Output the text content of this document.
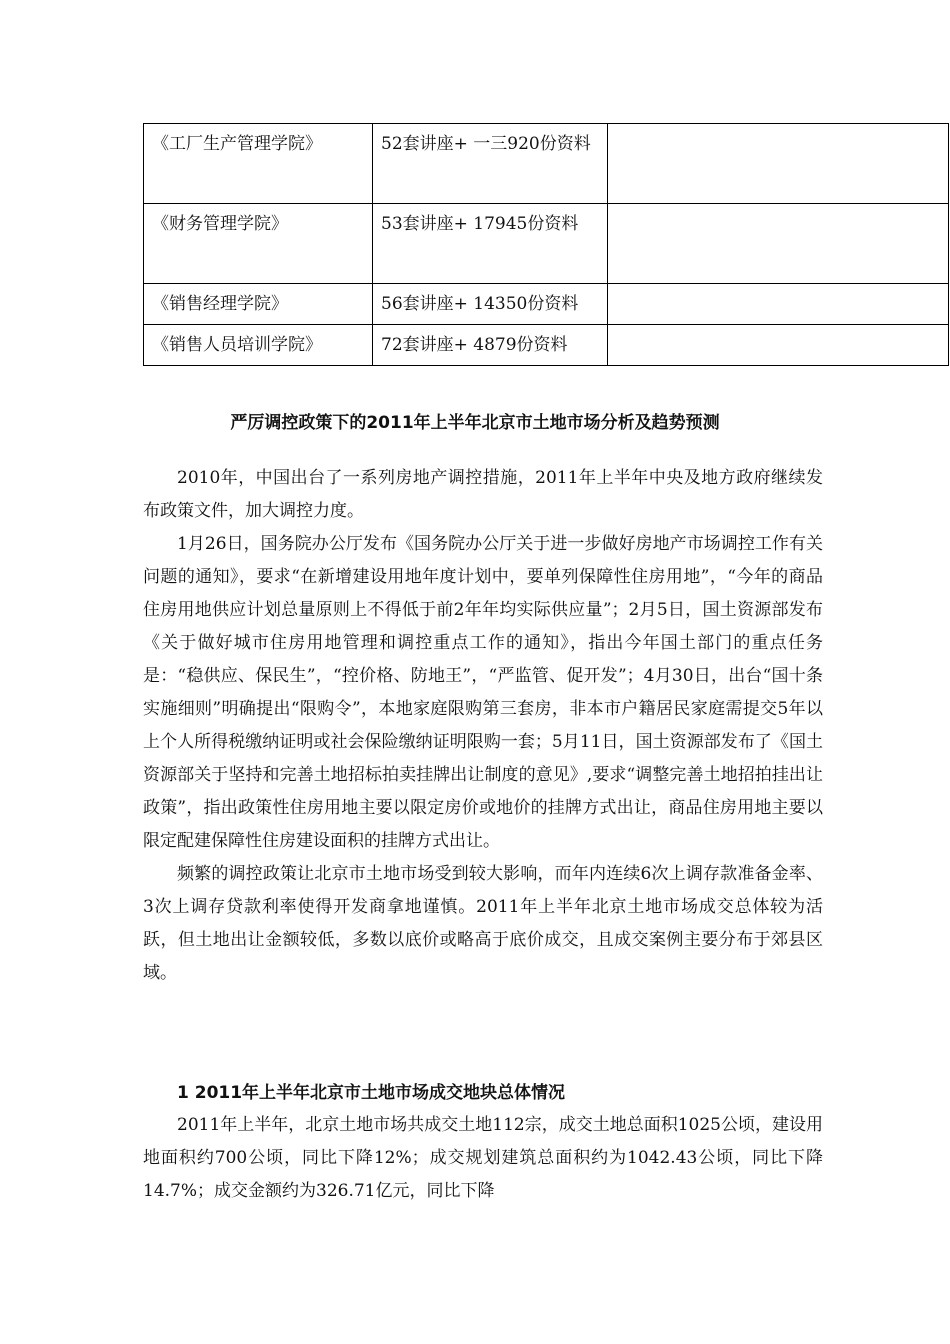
《工厂生产管理学院》	52套讲座+ 一三920份资料	
《财务管理学院》	53套讲座+ 17945份资料	
《销售经理学院》	56套讲座+ 14350份资料	
《销售人员培训学院》	72套讲座+ 4879份资料	
严厉调控政策下的2011年上半年北京市土地市场分析及趋势预测

2010年，中国出台了一系列房地产调控措施，2011年上半年中央及地方政府继续发布政策文件，加大调控力度。

1月26日，国务院办公厅发布《国务院办公厅关于进一步做好房地产市场调控工作有关问题的通知》，要求“在新增建设用地年度计划中，要单列保障性住房用地”，“今年的商品住房用地供应计划总量原则上不得低于前2年年均实际供应量”；2月5日，国土资源部发布《关于做好城市住房用地管理和调控重点工作的通知》，指出今年国土部门的重点任务是：“稳供应、保民生”，“控价格、防地王”，“严监管、促开发”；4月30日，出台“国十条实施细则”明确提出“限购令”，本地家庭限购第三套房，非本市户籍居民家庭需提交5年以上个人所得税缴纳证明或社会保险缴纳证明限购一套；5月11日，国土资源部发布了《国土资源部关于坚持和完善土地招标拍卖挂牌出让制度的意见》,要求“调整完善土地招拍挂出让政策”，指出政策性住房用地主要以限定房价或地价的挂牌方式出让，商品住房用地主要以限定配建保障性住房建设面积的挂牌方式出让。

频繁的调控政策让北京市土地市场受到较大影响，而年内连续6次上调存款准备金率、3次上调存贷款利率使得开发商拿地谨慎。2011年上半年北京土地市场成交总体较为活跃，但土地出让金额较低，多数以底价或略高于底价成交，且成交案例主要分布于郊县区域。

1 2011年上半年北京市土地市场成交地块总体情况

2011年上半年，北京土地市场共成交土地112宗，成交土地总面积1025公顷，建设用地面积约700公顷，同比下降12%；成交规划建筑总面积约为1042.43公顷，同比下降14.7%；成交金额约为326.71亿元，同比下降
